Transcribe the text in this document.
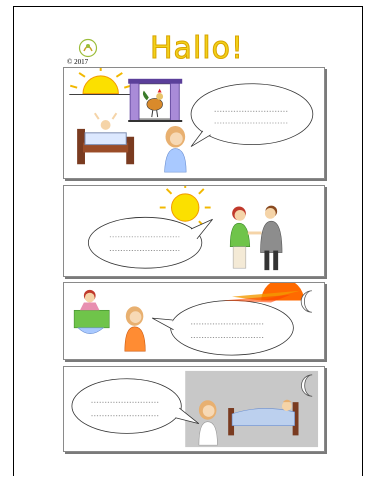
© 2017 Hallo!
